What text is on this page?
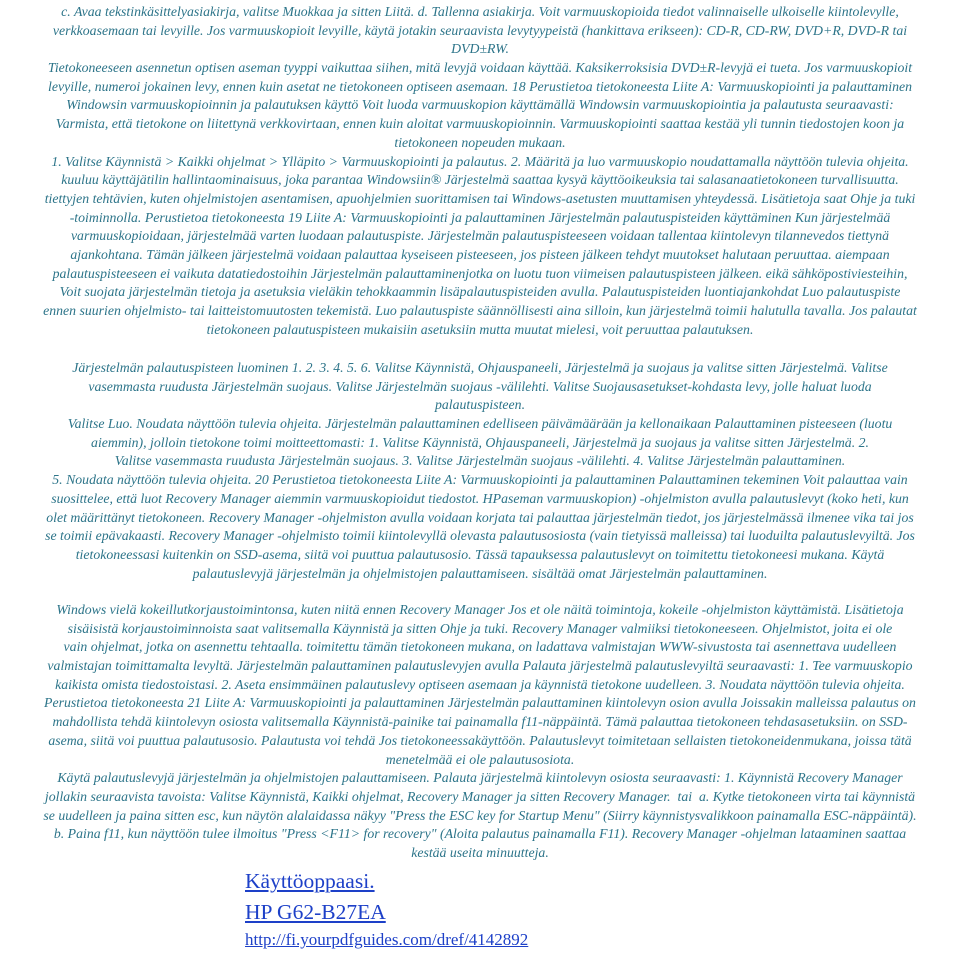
c. Avaa tekstinkäsittelyasiakirja, valitse Muokkaa ja sitten Liitä. d. Tallenna asiakirja. Voit varmuuskopioida tiedot valinnaiselle ulkoiselle kiintolevylle,
verkkoasemaan tai levyille. Jos varmuuskopioit levyille, käytä jotakin seuraavista levytyypeistä (hankittava erikseen): CD-R, CD-RW, DVD+R, DVD-R tai
DVD±RW.
Tietokoneeseen asennetun optisen aseman tyyppi vaikuttaa siihen, mitä levyjä voidaan käyttää. Kaksikerroksisia DVD±R-levyjä ei tueta. Jos varmuuskopioit
levyille, numeroi jokainen levy, ennen kuin asetat ne tietokoneen optiseen asemaan. 18 Perustietoa tietokoneesta Liite A: Varmuuskopiointi ja palauttaminen
Windowsin varmuuskopioinnin ja palautuksen käyttö Voit luoda varmuuskopion käyttämällä Windowsin varmuuskopiointia ja palautusta seuraavasti:
Varmista, että tietokone on liitettynä verkkovirtaan, ennen kuin aloitat varmuuskopioinnin. Varmuuskopiointi saattaa kestää yli tunnin tiedostojen koon ja
tietokoneen nopeuden mukaan.
1. Valitse Käynnistä > Kaikki ohjelmat > Ylläpito > Varmuuskopiointi ja palautus. 2. Määritä ja luo varmuuskopio noudattamalla näyttöön tulevia ohjeita.
kuuluu käyttäjätilin hallintaominaisuus, joka parantaa Windowsiin® Järjestelmä saattaa kysyä käyttöoikeuksia tai salasanaatietokoneen turvallisuutta.
tiettyjen tehtävien, kuten ohjelmistojen asentamisen, apuohjelmien suorittamisen tai Windows-asetusten muuttamisen yhteydessä. Lisätietoja saat Ohje ja tuki
-toiminnolla. Perustietoa tietokoneesta 19 Liite A: Varmuuskopiointi ja palauttaminen Järjestelmän palautuspisteiden käyttäminen Kun järjestelmää
varmuuskopioidaan, järjestelmää varten luodaan palautuspiste. Järjestelmän palautuspisteeseen voidaan tallentaa kiintolevyn tilannevedos tiettynä
ajankohtana. Tämän jälkeen järjestelmä voidaan palauttaa kyseiseen pisteeseen, jos pisteen jälkeen tehdyt muutokset halutaan peruuttaa. aiempaan
palautuspisteeseen ei vaikuta datatiedostoihin Järjestelmän palauttaminenjotka on luotu tuon viimeisen palautuspisteen jälkeen. eikä sähköpostiviesteihin,
Voit suojata järjestelmän tietoja ja asetuksia vieläkin tehokkaammin lisäpalautuspisteiden avulla. Palautuspisteiden luontiajankohdat Luo palautuspiste
ennen suurien ohjelmisto- tai laitteistomuutosten tekemistä. Luo palautuspiste säännöllisesti aina silloin, kun järjestelmä toimii halutulla tavalla. Jos palautat
tietokoneen palautuspisteen mukaisiin asetuksiin mutta muutat mielesi, voit peruuttaa palautuksen.
Järjestelmän palautuspisteen luominen 1. 2. 3. 4. 5. 6. Valitse Käynnistä, Ohjauspaneeli, Järjestelmä ja suojaus ja valitse sitten Järjestelmä. Valitse
vasemmasta ruudusta Järjestelmän suojaus. Valitse Järjestelmän suojaus -välilehti. Valitse Suojausasetukset-kohdasta levy, jolle haluat luoda
palautuspisteen.
Valitse Luo. Noudata näyttöön tulevia ohjeita. Järjestelmän palauttaminen edelliseen päivämäärään ja kellonaikaan Palauttaminen pisteeseen (luotu
aiemmin), jolloin tietokone toimi moitteettomasti: 1. Valitse Käynnistä, Ohjauspaneeli, Järjestelmä ja suojaus ja valitse sitten Järjestelmä. 2.
Valitse vasemmasta ruudusta Järjestelmän suojaus. 3. Valitse Järjestelmän suojaus -välilehti. 4. Valitse Järjestelmän palauttaminen.
5. Noudata näyttöön tulevia ohjeita. 20 Perustietoa tietokoneesta Liite A: Varmuuskopiointi ja palauttaminen Palauttaminen tekeminen Voit palauttaa vain
suosittelee, että luot Recovery Manager aiemmin varmuuskopioidut tiedostot. HPaseman varmuuskopion) -ohjelmiston avulla palautuslevyt (koko heti, kun
olet määrittänyt tietokoneen. Recovery Manager -ohjelmiston avulla voidaan korjata tai palauttaa järjestelmän tiedot, jos järjestelmässä ilmenee vika tai jos
se toimii epävakaasti. Recovery Manager -ohjelmisto toimii kiintolevyllä olevasta palautusosiosta (vain tietyissä malleissa) tai luoduilta palautuslevyiltä. Jos
tietokoneessasi kuitenkin on SSD-asema, siitä voi puuttua palautusosio. Tässä tapauksessa palautuslevyt on toimitettu tietokoneesi mukana. Käytä
palautuslevyjä järjestelmän ja ohjelmistojen palauttamiseen. sisältää omat Järjestelmän palauttaminen.
Windows vielä kokeillutkorjaustoimintonsa, kuten niitä ennen Recovery Manager Jos et ole näitä toimintoja, kokeile -ohjelmiston käyttämistä. Lisätietoja
sisäisistä korjaustoiminnoista saat valitsemalla Käynnistä ja sitten Ohje ja tuki. Recovery Manager valmiiksi tietokoneeseen. Ohjelmistot, joita ei ole
vain ohjelmat, jotka on asennettu tehtaalla. toimitettu tämän tietokoneen mukana, on ladattava valmistajan WWW-sivustosta tai asennettava uudelleen
valmistajan toimittamalta levyltä. Järjestelmän palauttaminen palautuslevyjen avulla Palauta järjestelmä palautuslevyiltä seuraavasti: 1. Tee varmuuskopio
kaikista omista tiedostoistasi. 2. Aseta ensimmäinen palautuslevy optiseen asemaan ja käynnistä tietokone uudelleen. 3. Noudata näyttöön tulevia ohjeita.
Perustietoa tietokoneesta 21 Liite A: Varmuuskopiointi ja palauttaminen Järjestelmän palauttaminen kiintolevyn osion avulla Joissakin malleissa palautus on
mahdollista tehdä kiintolevyn osiosta valitsemalla Käynnistä-painike tai painamalla f11-näppäintä. Tämä palauttaa tietokoneen tehdasasetuksiin. on SSD-
asema, siitä voi puuttua palautusosio. Palautusta voi tehdä Jos tietokoneessakäyttöön. Palautuslevyt toimitetaan sellaisten tietokoneidenmukana, joissa tätä
menetelmää ei ole palautusosiota.
Käytä palautuslevyjä järjestelmän ja ohjelmistojen palauttamiseen. Palauta järjestelmä kiintolevyn osiosta seuraavasti: 1. Käynnistä Recovery Manager
jollakin seuraavista tavoista: Valitse Käynnistä, Kaikki ohjelmat, Recovery Manager ja sitten Recovery Manager.  tai  a. Kytke tietokoneen virta tai käynnistä
se uudelleen ja paina sitten esc, kun näytön alalaidassa näkyy "Press the ESC key for Startup Menu" (Siirry käynnistysvalikkoon painamalla ESC-näppäintä).
b. Paina f11, kun näyttöön tulee ilmoitus "Press <F11> for recovery" (Aloita palautus painamalla F11). Recovery Manager -ohjelman lataaminen saattaa
kestää useita minuutteja.
Käyttöoppaasi.
HP G62-B27EA
http://fi.yourpdfguides.com/dref/4142892
